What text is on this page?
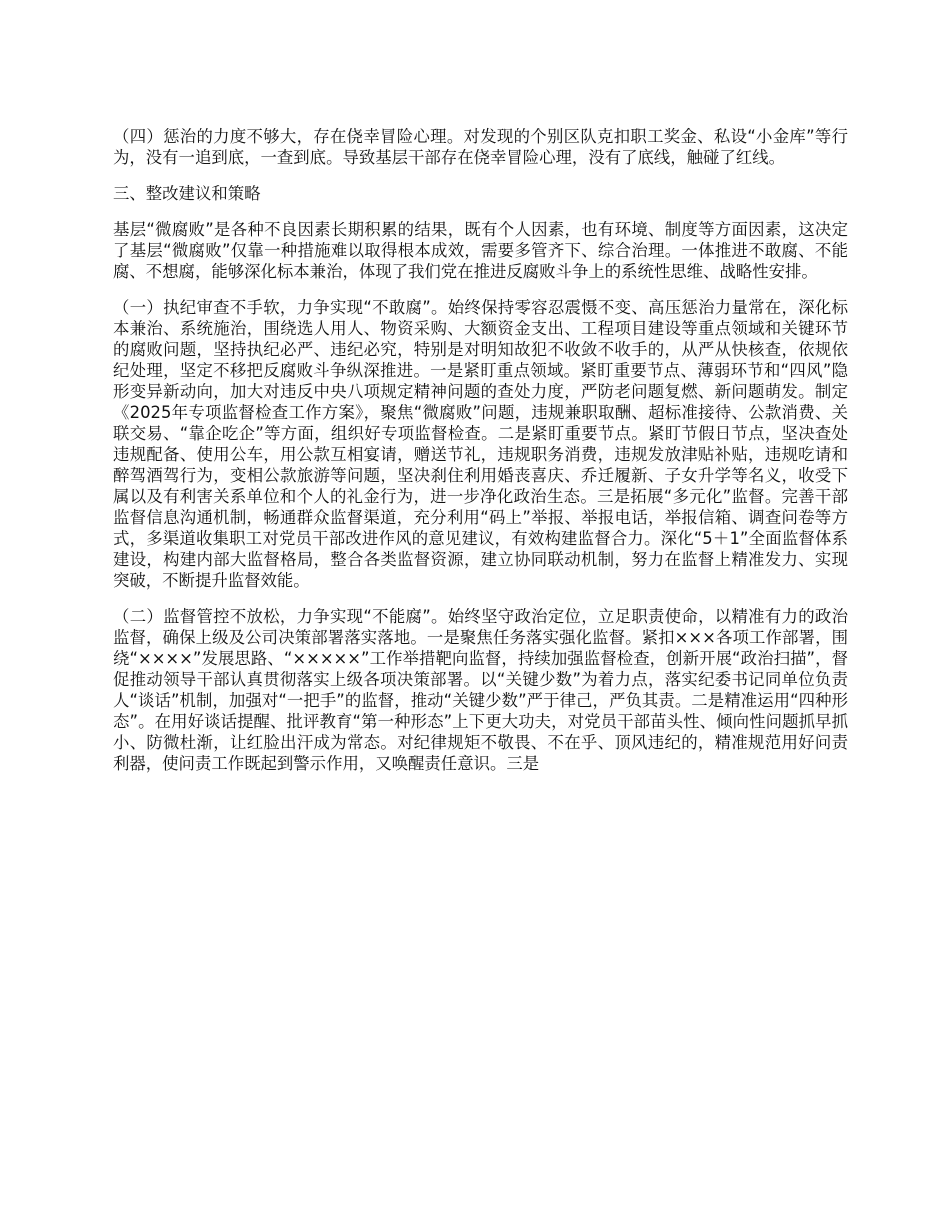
（四）惩治的力度不够大，存在侥幸冒险心理。对发现的个别区队克扣职工奖金、私设“小金库”等行为，没有一追到底，一查到底。导致基层干部存在侥幸冒险心理，没有了底线，触碰了红线。

三、整改建议和策略

基层“微腐败”是各种不良因素长期积累的结果，既有个人因素，也有环境、制度等方面因素，这决定了基层“微腐败”仅靠一种措施难以取得根本成效，需要多管齐下、综合治理。一体推进不敢腐、不能腐、不想腐，能够深化标本兼治，体现了我们党在推进反腐败斗争上的系统性思维、战略性安排。

（一）执纪审查不手软，力争实现“不敢腐”。始终保持零容忍震慑不变、高压惩治力量常在，深化标本兼治、系统施治，围绕选人用人、物资采购、大额资金支出、工程项目建设等重点领域和关键环节的腐败问题，坚持执纪必严、违纪必究，特别是对明知故犯不收敛不收手的，从严从快核查，依规依纪处理，坚定不移把反腐败斗争纵深推进。一是紧盯重点领域。紧盯重要节点、薄弱环节和“四风”隐形变异新动向，加大对违反中央八项规定精神问题的查处力度，严防老问题复燃、新问题萌发。制定《2025年专项监督检查工作方案》，聚焦“微腐败”问题，违规兼职取酬、超标准接待、公款消费、关联交易、“靠企吃企”等方面，组织好专项监督检查。二是紧盯重要节点。紧盯节假日节点，坚决查处违规配备、使用公车，用公款互相宴请，赠送节礼，违规职务消费，违规发放津贴补贴，违规吃请和醉驾酒驾行为，变相公款旅游等问题，坚决刹住利用婚丧喜庆、乔迁履新、子女升学等名义，收受下属以及有利害关系单位和个人的礼金行为，进一步净化政治生态。三是拓展“多元化”监督。完善干部监督信息沟通机制，畅通群众监督渠道，充分利用“码上”举报、举报电话，举报信箱、调查问卷等方式，多渠道收集职工对党员干部改进作风的意见建议，有效构建监督合力。深化“5＋1”全面监督体系建设，构建内部大监督格局，整合各类监督资源，建立协同联动机制，努力在监督上精准发力、实现突破，不断提升监督效能。

（二）监督管控不放松，力争实现“不能腐”。始终坚守政治定位，立足职责使命，以精准有力的政治监督，确保上级及公司决策部署落实落地。一是聚焦任务落实强化监督。紧扣×××各项工作部署，围绕“××××”发展思路、“×××××”工作举措靶向监督，持续加强监督检查，创新开展“政治扫描”，督促推动领导干部认真贯彻落实上级各项决策部署。以“关键少数”为着力点，落实纪委书记同单位负责人“谈话”机制，加强对“一把手”的监督，推动“关键少数”严于律己，严负其责。二是精准运用“四种形态”。在用好谈话提醒、批评教育“第一种形态”上下更大功夫，对党员干部苗头性、倾向性问题抓早抓小、防微杜渐，让红脸出汗成为常态。对纪律规矩不敬畏、不在乎、顶风违纪的，精准规范用好问责利器，使问责工作既起到警示作用，又唤醒责任意识。三是
